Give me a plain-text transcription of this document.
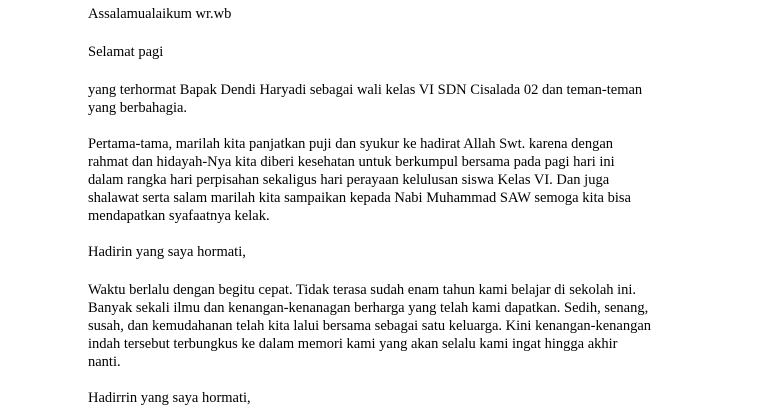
Assalamualaikum wr.wb

Selamat pagi

yang terhormat Bapak Dendi Haryadi sebagai wali kelas VI SDN Cisalada 02 dan teman-teman
yang berbahagia.

Pertama-tama, marilah kita panjatkan puji dan syukur ke hadirat Allah Swt. karena dengan
rahmat dan hidayah-Nya kita diberi kesehatan untuk berkumpul bersama pada pagi hari ini
dalam rangka hari perpisahan sekaligus hari perayaan kelulusan siswa Kelas VI. Dan juga
shalawat serta salam marilah kita sampaikan kepada Nabi Muhammad SAW semoga kita bisa
mendapatkan syafaatnya kelak.

Hadirin yang saya hormati,

Waktu berlalu dengan begitu cepat. Tidak terasa sudah enam tahun kami belajar di sekolah ini.
Banyak sekali ilmu dan kenangan-kenanagan berharga yang telah kami dapatkan. Sedih, senang,
susah, dan kemudahanan telah kita lalui bersama sebagai satu keluarga. Kini kenangan-kenangan
indah tersebut terbungkus ke dalam memori kami yang akan selalu kami ingat hingga akhir
nanti.

Hadirrin yang saya hormati,
